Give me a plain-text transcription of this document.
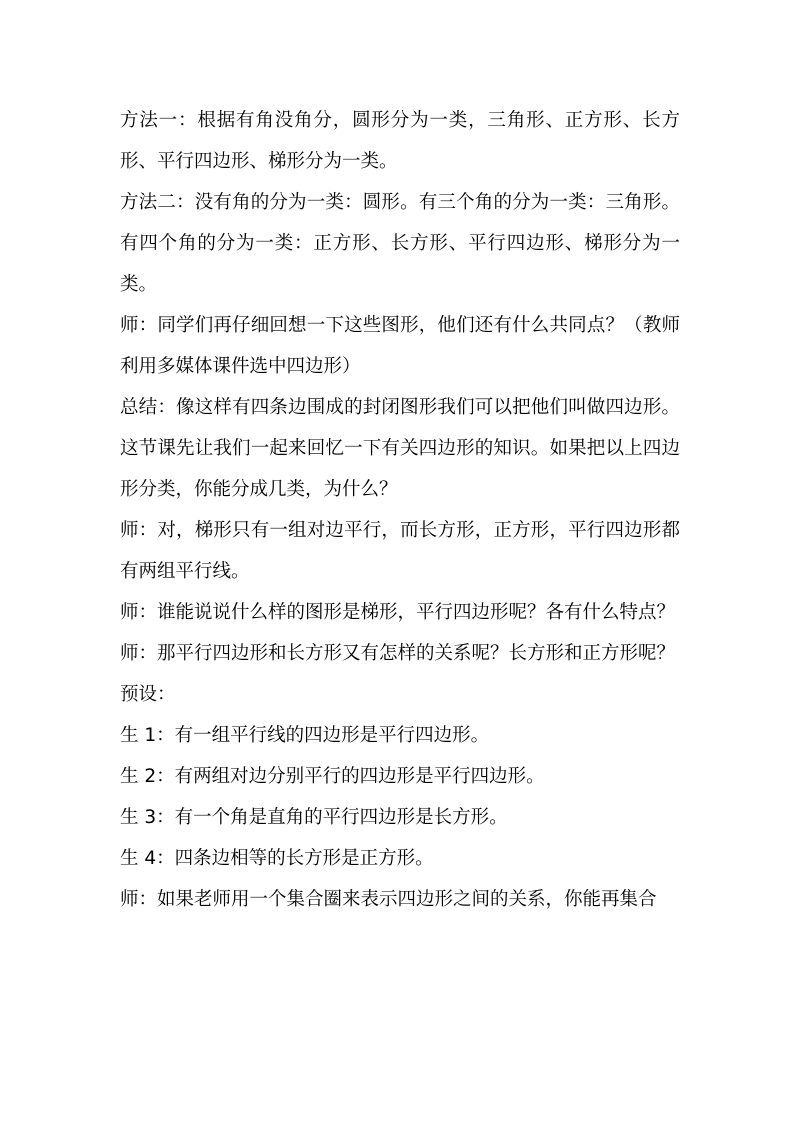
方法一：根据有角没角分，圆形分为一类，三角形、正方形、长方形、平行四边形、梯形分为一类。

方法二：没有角的分为一类：圆形。有三个角的分为一类：三角形。有四个角的分为一类：正方形、长方形、平行四边形、梯形分为一类。

师：同学们再仔细回想一下这些图形，他们还有什么共同点？（教师利用多媒体课件选中四边形）

总结：像这样有四条边围成的封闭图形我们可以把他们叫做四边形。这节课先让我们一起来回忆一下有关四边形的知识。如果把以上四边形分类，你能分成几类，为什么？

师：对，梯形只有一组对边平行，而长方形，正方形，平行四边形都有两组平行线。

师：谁能说说什么样的图形是梯形，平行四边形呢？各有什么特点？

师：那平行四边形和长方形又有怎样的关系呢？长方形和正方形呢？

预设：

生 1：有一组平行线的四边形是平行四边形。

生 2：有两组对边分别平行的四边形是平行四边形。

生 3：有一个角是直角的平行四边形是长方形。

生 4：四条边相等的长方形是正方形。

师：如果老师用一个集合圈来表示四边形之间的关系，你能再集合
